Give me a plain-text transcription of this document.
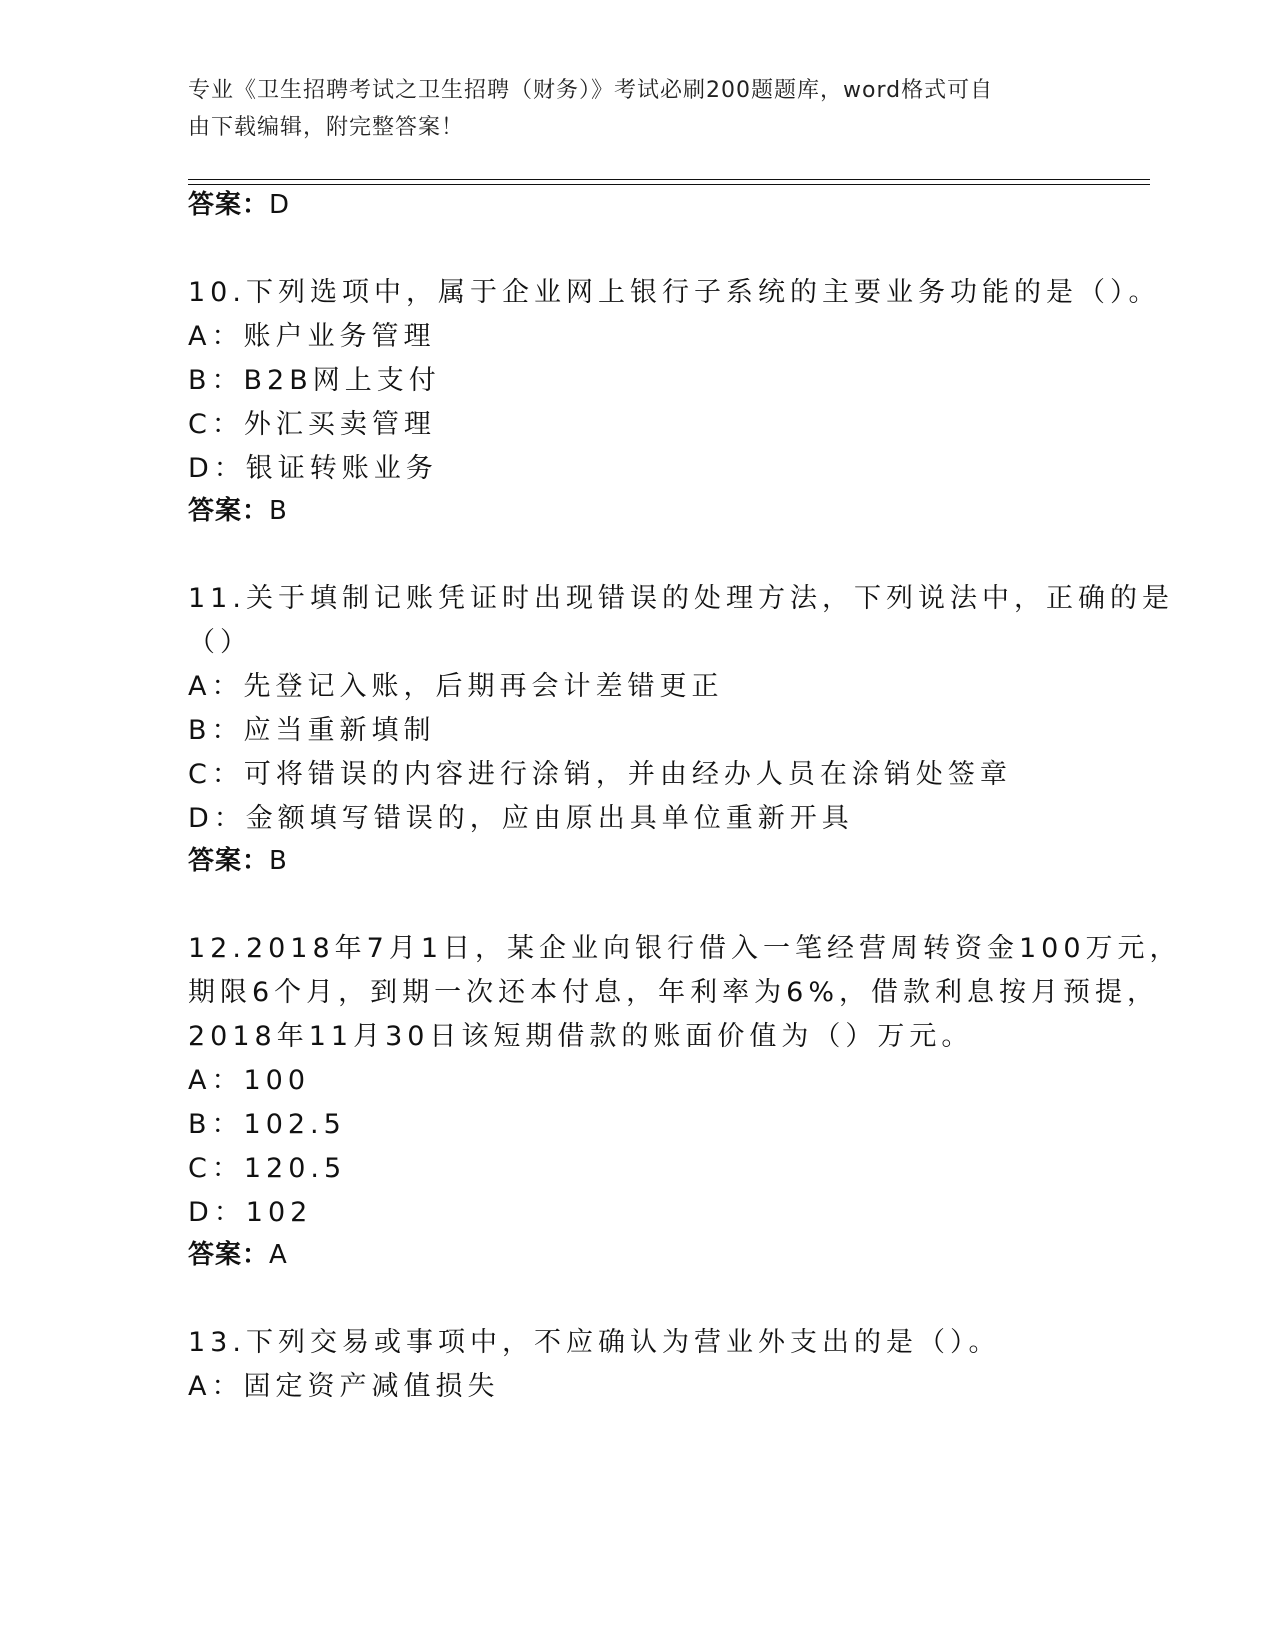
专业《卫生招聘考试之卫生招聘（财务）》考试必刷200题题库，word格式可自
由下载编辑，附完整答案！
答案：D
10.下列选项中，属于企业网上银行子系统的主要业务功能的是（）。
A：账户业务管理
B：B2B网上支付
C：外汇买卖管理
D：银证转账业务
答案：B
11.关于填制记账凭证时出现错误的处理方法，下列说法中，正确的是
（）
A：先登记入账，后期再会计差错更正
B：应当重新填制
C：可将错误的内容进行涂销，并由经办人员在涂销处签章
D：金额填写错误的，应由原出具单位重新开具
答案：B
12.2018年7月1日，某企业向银行借入一笔经营周转资金100万元，
期限6个月，到期一次还本付息，年利率为6%，借款利息按月预提，
2018年11月30日该短期借款的账面价值为（）万元。
A：100
B：102.5
C：120.5
D：102
答案：A
13.下列交易或事项中，不应确认为营业外支出的是（）。
A：固定资产减值损失
